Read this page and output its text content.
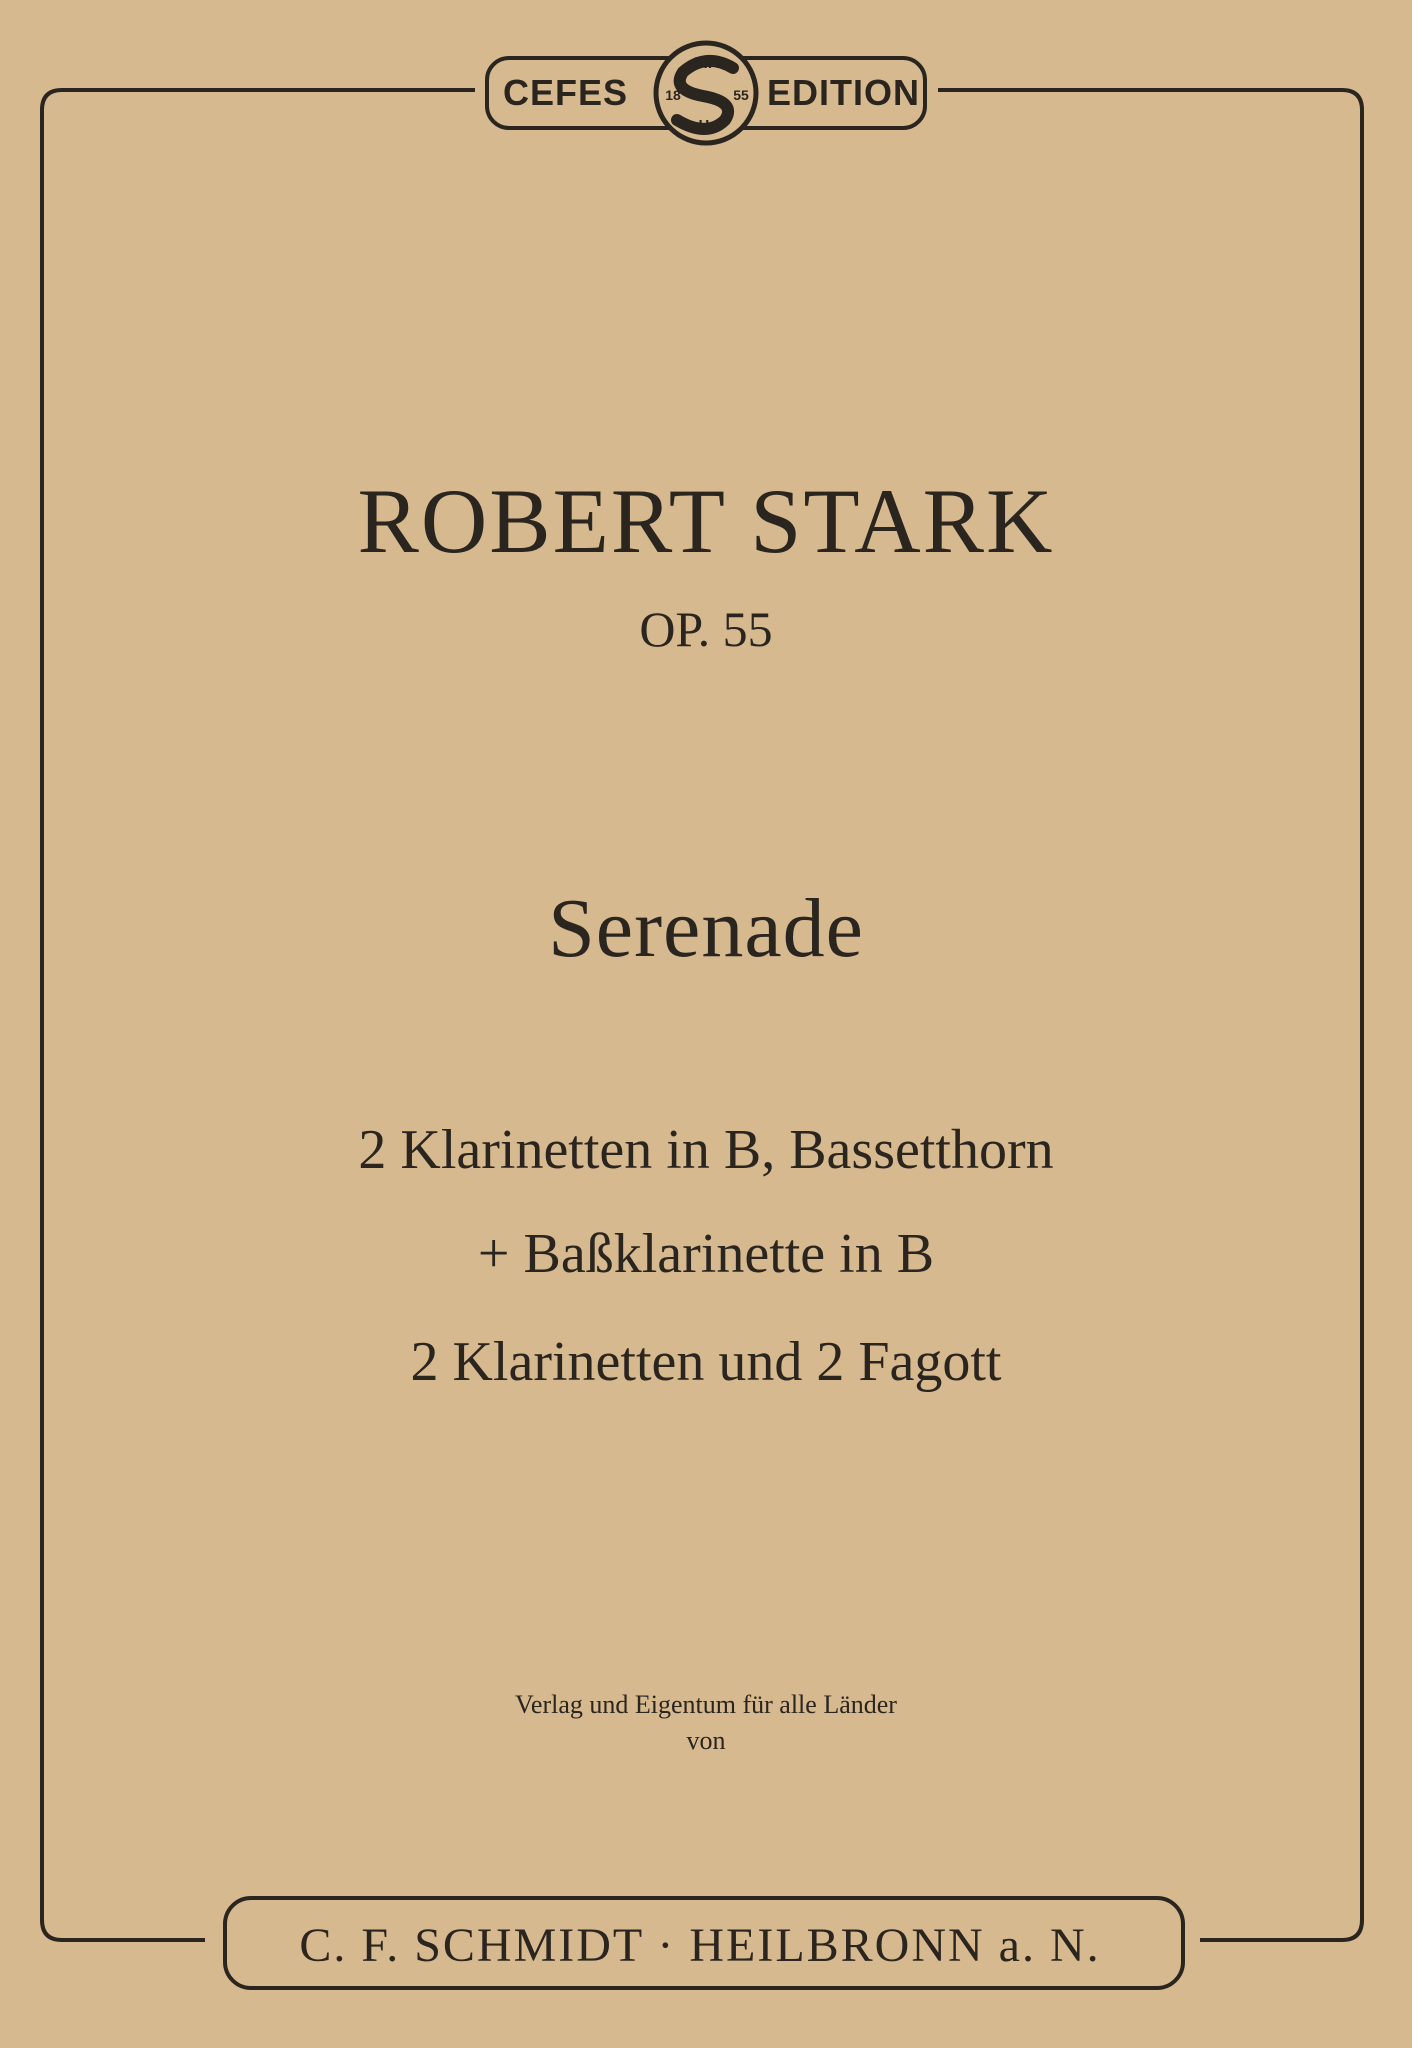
C.F.
18	55
H.
CEFES	EDITION
ROBERT STARK
OP. 55
Serenade
2 Klarinetten in B, Bassetthorn
+ Baßklarinette in B
2 Klarinetten und 2 Fagott
Verlag und Eigentum für alle Länder
von
C. F. SCHMIDT · HEILBRONN a. N.
